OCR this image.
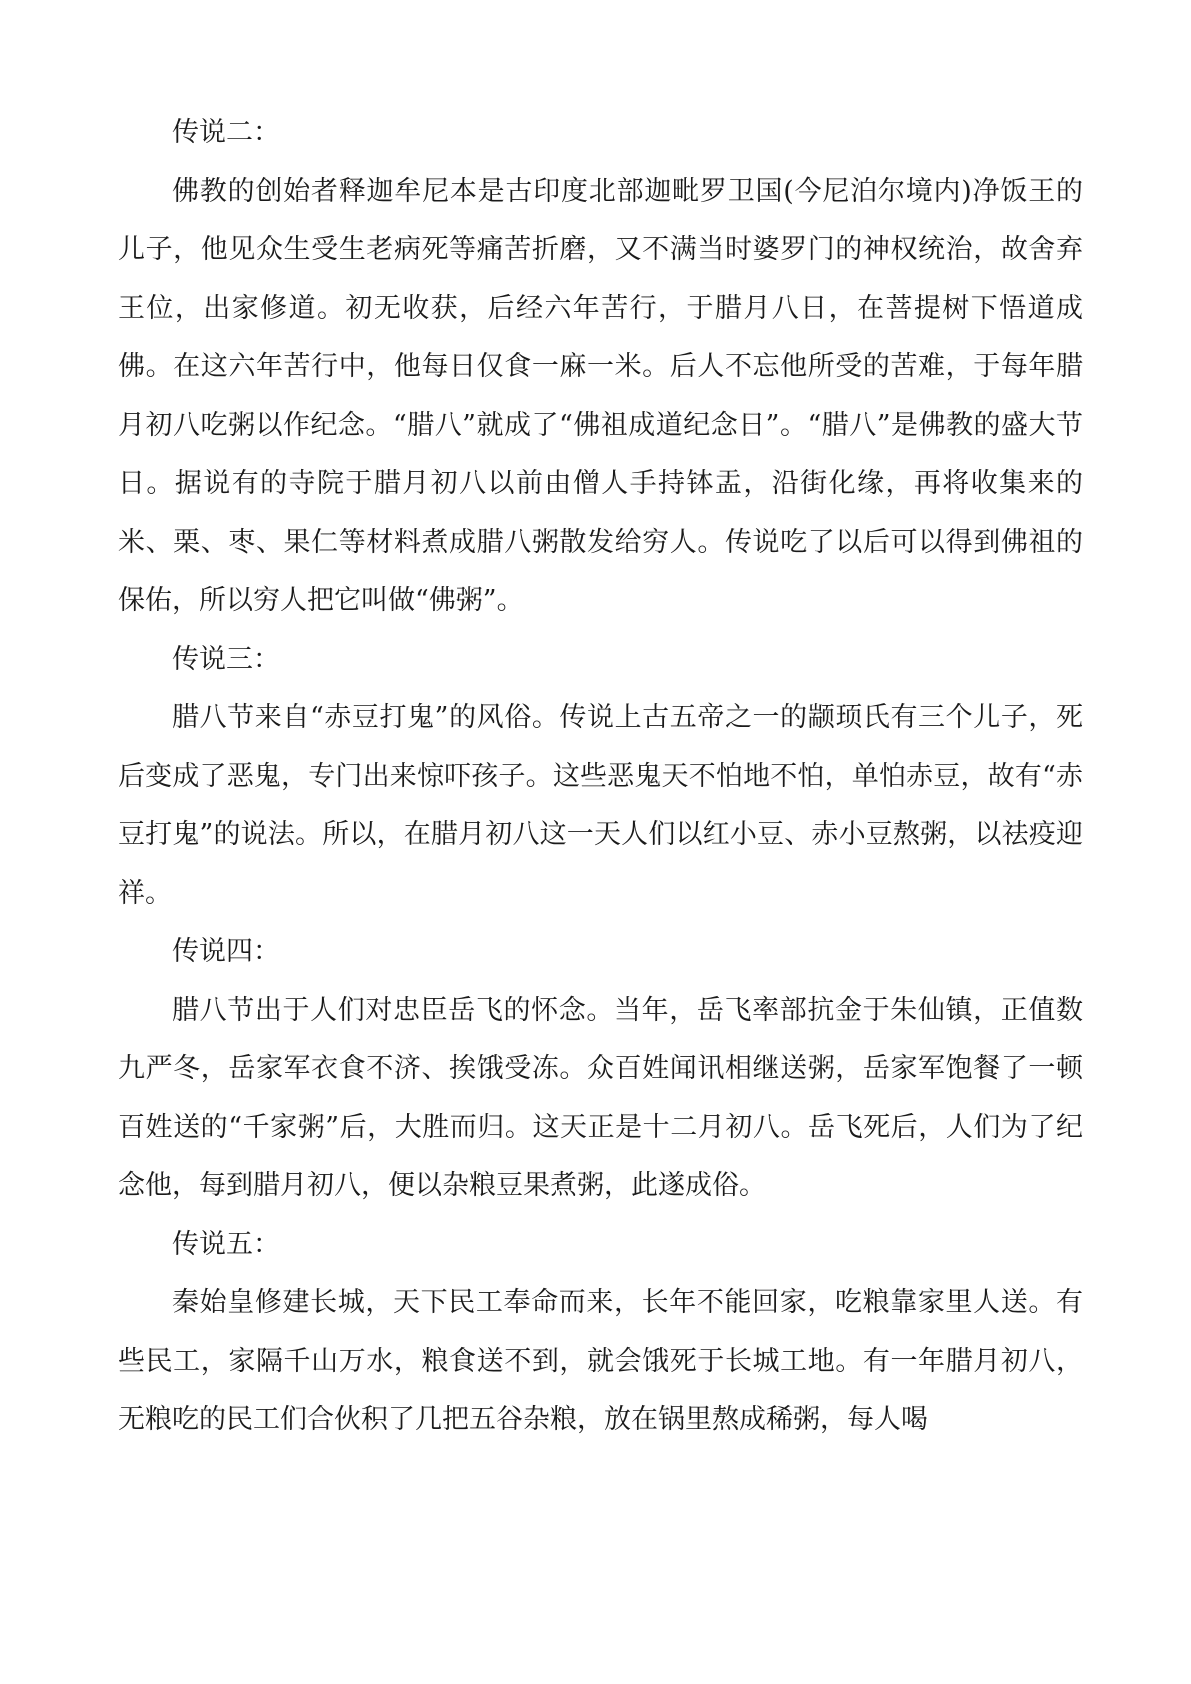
传说二：

佛教的创始者释迦牟尼本是古印度北部迦毗罗卫国(今尼泊尔境内)净饭王的儿子，他见众生受生老病死等痛苦折磨，又不满当时婆罗门的神权统治，故舍弃王位，出家修道。初无收获，后经六年苦行，于腊月八日，在菩提树下悟道成佛。在这六年苦行中，他每日仅食一麻一米。后人不忘他所受的苦难，于每年腊月初八吃粥以作纪念。“腊八”就成了“佛祖成道纪念日”。“腊八”是佛教的盛大节日。据说有的寺院于腊月初八以前由僧人手持钵盂，沿街化缘，再将收集来的米、栗、枣、果仁等材料煮成腊八粥散发给穷人。传说吃了以后可以得到佛祖的保佑，所以穷人把它叫做“佛粥”。

传说三：

腊八节来自“赤豆打鬼”的风俗。传说上古五帝之一的颛顼氏有三个儿子，死后变成了恶鬼，专门出来惊吓孩子。这些恶鬼天不怕地不怕，单怕赤豆，故有“赤豆打鬼”的说法。所以，在腊月初八这一天人们以红小豆、赤小豆熬粥，以祛疫迎祥。

传说四：

腊八节出于人们对忠臣岳飞的怀念。当年，岳飞率部抗金于朱仙镇，正值数九严冬，岳家军衣食不济、挨饿受冻。众百姓闻讯相继送粥，岳家军饱餐了一顿百姓送的“千家粥”后，大胜而归。这天正是十二月初八。岳飞死后，人们为了纪念他，每到腊月初八，便以杂粮豆果煮粥，此遂成俗。

传说五：

秦始皇修建长城，天下民工奉命而来，长年不能回家，吃粮靠家里人送。有些民工，家隔千山万水，粮食送不到，就会饿死于长城工地。有一年腊月初八，无粮吃的民工们合伙积了几把五谷杂粮，放在锅里熬成稀粥，每人喝
